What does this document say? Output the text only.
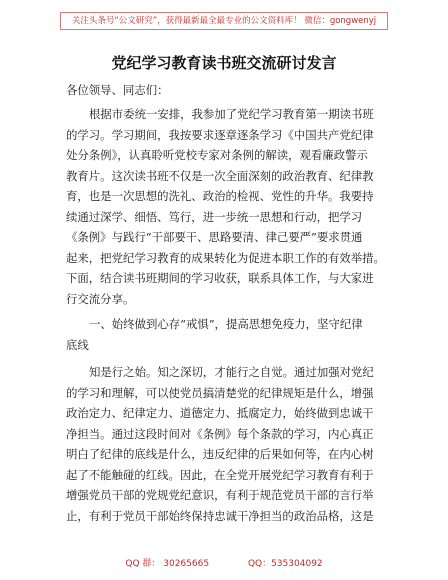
关注头条号“公文研究”，获得最新最全最专业的公文资料库！ 微信：gongwenyj
党纪学习教育读书班交流研讨发言
各位领导、同志们：
根据市委统一安排，我参加了党纪学习教育第一期读书班
的学习。学习期间，我按要求逐章逐条学习《中国共产党纪律
处分条例》，认真聆听党校专家对条例的解读，观看廉政警示
教育片。这次读书班不仅是一次全面深刻的政治教育、纪律教
育，也是一次思想的洗礼、政治的检视、党性的升华。我要持
续通过深学、细悟、笃行，进一步统一思想和行动，把学习
《条例》与践行“干部要干、思路要清、律己要严”要求贯通
起来，把党纪学习教育的成果转化为促进本职工作的有效举措。
下面，结合读书班期间的学习收获，联系具体工作，与大家进
行交流分享。
一、始终做到心存“戒惧”，提高思想免疫力，坚守纪律
底线
知是行之始。知之深切，才能行之自觉。通过加强对党纪
的学习和理解，可以使党员搞清楚党的纪律规矩是什么，增强
政治定力、纪律定力、道德定力、抵腐定力，始终做到忠诚干
净担当。通过这段时间对《条例》每个条款的学习，内心真正
明白了纪律的底线是什么，违反纪律的后果如何等，在内心树
起了不能触碰的红线。因此，在全党开展党纪学习教育有利于
增强党员干部的党规党纪意识，有利于规范党员干部的言行举
止，有利于党员干部始终保持忠诚干净担当的政治品格，这是
QQ 群： 30265665	QQ：535304092
